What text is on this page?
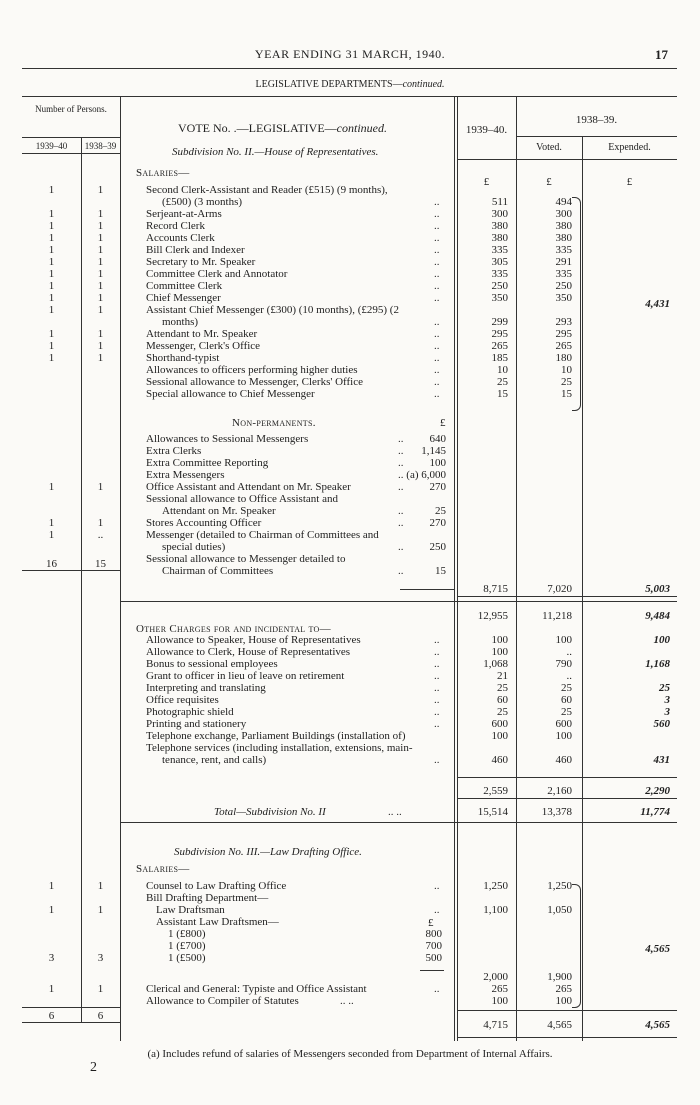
YEAR ENDING 31 MARCH, 1940.	17
LEGISLATIVE DEPARTMENTS—continued.
Number of Persons.
1939–40	1938–39
VOTE No. .—LEGISLATIVE—continued.	1939–40.
1938–39.
Voted.	Expended.
Subdivision No. II.—House of Representatives.
Salaries—
£	£	£
1	1	Second Clerk-Assistant and Reader (£515) (9 months),
(£500) (3 months)	..	511	494
1	1	Serjeant-at-Arms	..	300	300
1	1	Record Clerk	..	380	380
1	1	Accounts Clerk	..	380	380
1	1	Bill Clerk and Indexer	..	335	335
1	1	Secretary to Mr. Speaker	..	305	291
1	1	Committee Clerk and Annotator	..	335	335
1	1	Committee Clerk	..	250	250
1	1	Chief Messenger	..	350	350
1	1	Assistant Chief Messenger (£300) (10 months), (£295) (2
months)	..	299	293
1	1	Attendant to Mr. Speaker	..	295	295
1	1	Messenger, Clerk's Office	..	265	265
1	1	Shorthand-typist	..	185	180
Allowances to officers performing higher duties	..	10	10
Sessional allowance to Messenger, Clerks' Office	..	25	25
Special allowance to Chief Messenger	..	15	15
4,431
Non-permanents.	£
Allowances to Sessional Messengers	..	640
Extra Clerks	..	1,145
Extra Committee Reporting	..	100
Extra Messengers	.. (a) 6,000
1	1	Office Assistant and Attendant on Mr. Speaker	..	270
Sessional allowance to Office Assistant and
Attendant on Mr. Speaker	..	25
1	1	Stores Accounting Officer	..	270
1	..	Messenger (detailed to Chairman of Committees and
special duties)	..	250
Sessional allowance to Messenger detailed to
Chairman of Committees	..	15
16	15
8,715	7,020	5,003
12,955	11,218	9,484
Other Charges for and incidental to—
Allowance to Speaker, House of Representatives	..	100	100	100
Allowance to Clerk, House of Representatives	..	100	..
Bonus to sessional employees	..	1,068	790	1,168
Grant to officer in lieu of leave on retirement	..	21	..
Interpreting and translating	..	25	25	25
Office requisites	..	60	60	3
Photographic shield	..	25	25	3
Printing and stationery	..	600	600	560
Telephone exchange, Parliament Buildings (installation of)	100	100
Telephone services (including installation, extensions, main-
tenance, rent, and calls)	..	460	460	431
2,559	2,160	2,290
Total—Subdivision No. II	.. ..	15,514	13,378	11,774
Subdivision No. III.—Law Drafting Office.
Salaries—
1	1	Counsel to Law Drafting Office	..	1,250	1,250
Bill Drafting Department—
1	1	Law Draftsman	..	1,100	1,050
Assistant Law Draftsmen—	£
1 (£800)	800
1 (£700)	700
1 (£500)	500
3	3
2,000	1,900
1	1	Clerical and General: Typiste and Office Assistant	..	265	265
Allowance to Compiler of Statutes	.. ..	100	100
4,565
6	6
4,715	4,565	4,565
(a) Includes refund of salaries of Messengers seconded from Department of Internal Affairs.
2
